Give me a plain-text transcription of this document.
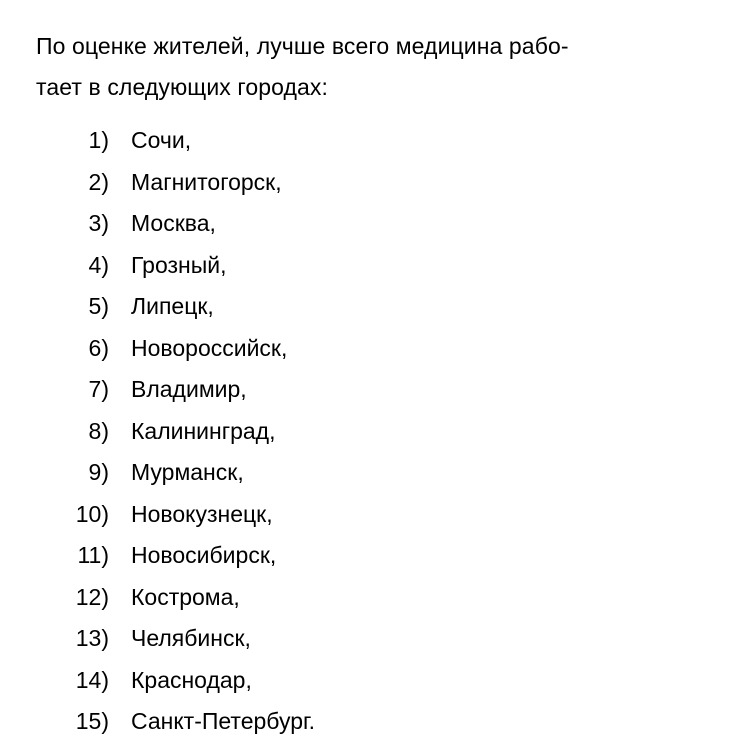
По оценке жителей, лучше всего медицина рабо-
тает в следующих городах:

1) Сочи,
2) Магнитогорск,
3) Москва,
4) Грозный,
5) Липецк,
6) Новороссийск,
7) Владимир,
8) Калининград,
9) Мурманск,
10) Новокузнецк,
11) Новосибирск,
12) Кострома,
13) Челябинск,
14) Краснодар,
15) Санкт-Петербург.
